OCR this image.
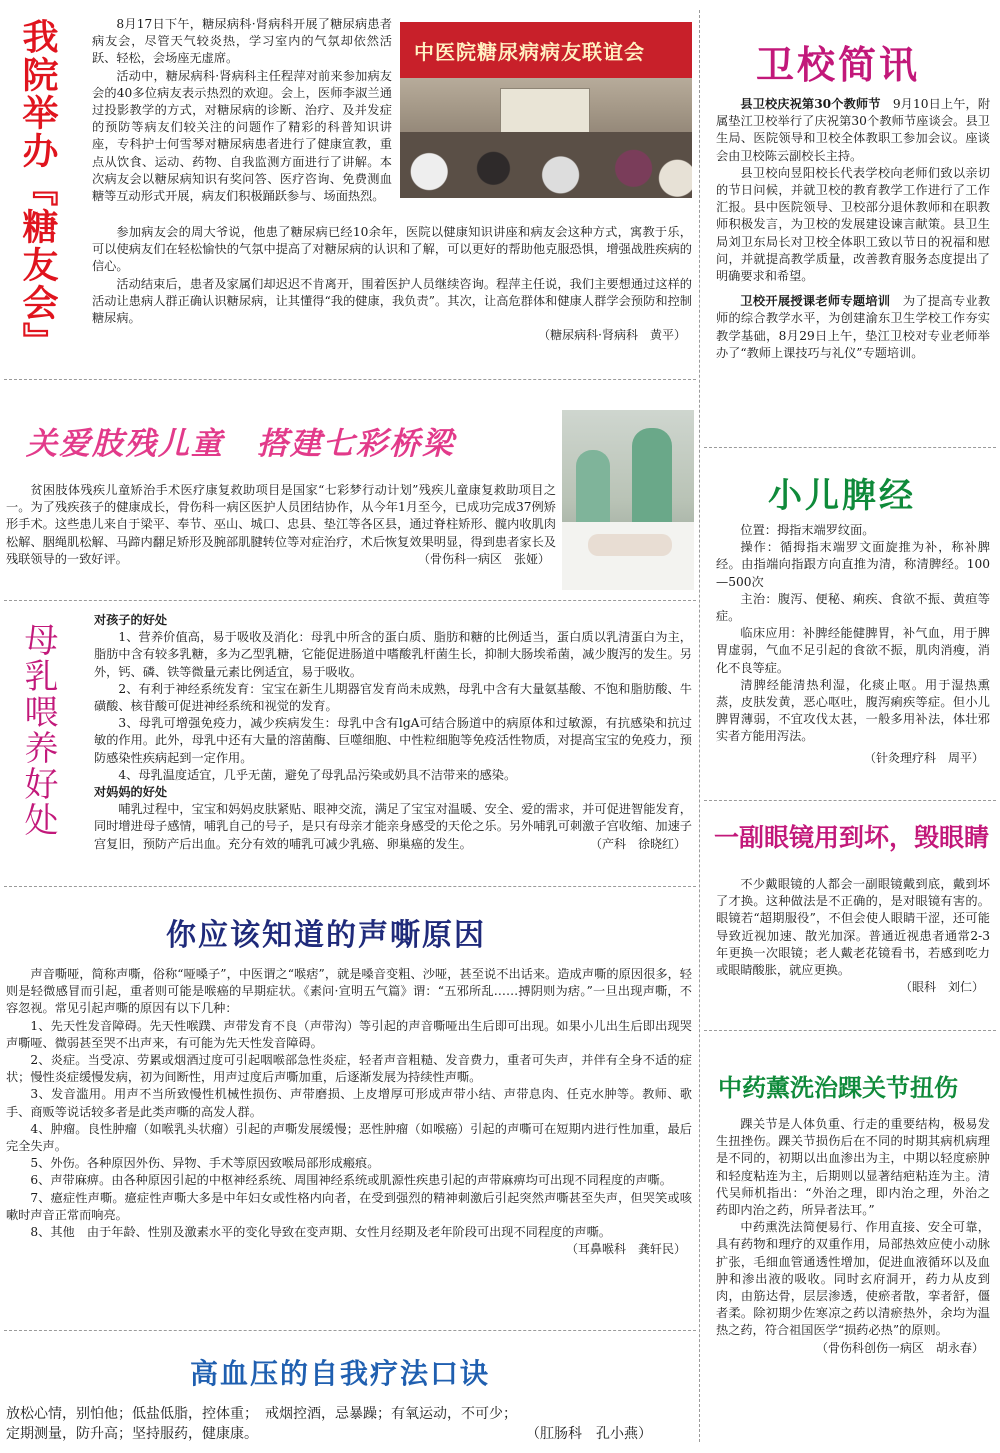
我院举办『糖友会』	中医院糖尿病病友联谊会

8月17日下午，糖尿病科·肾病科开展了糖尿病患者病友会，尽管天气较炎热，学习室内的气氛却依然活跃、轻松，会场座无虚席。

活动中，糖尿病科·肾病科主任程萍对前来参加病友会的40多位病友表示热烈的欢迎。会上，医师李淑兰通过投影教学的方式，对糖尿病的诊断、治疗、及并发症的预防等病友们较关注的问题作了精彩的科普知识讲座，专科护士何雪琴对糖尿病患者进行了健康宣教，重点从饮食、运动、药物、自我监测方面进行了讲解。本次病友会以糖尿病知识有奖问答、医疗咨询、免费测血糖等互动形式开展，病友们积极踊跃参与、场面热烈。

参加病友会的周大爷说，他患了糖尿病已经10余年，医院以健康知识讲座和病友会这种方式，寓教于乐，可以使病友们在轻松愉快的气氛中提高了对糖尿病的认识和了解，可以更好的帮助他克服恐惧，增强战胜疾病的信心。

活动结束后，患者及家属们却迟迟不肯离开，围着医护人员继续咨询。程萍主任说，我们主要想通过这样的活动让患病人群正确认识糖尿病，让其懂得“我的健康，我负责”。其次，让高危群体和健康人群学会预防和控制糖尿病。

（糖尿病科·肾病科　黄平）

卫校简讯

县卫校庆祝第30个教师节　 9月10日上午，附属垫江卫校举行了庆祝第30个教师节座谈会。县卫生局、医院领导和卫校全体教职工参加会议。座谈会由卫校陈云副校长主持。

县卫校向昱阳校长代表学校向老师们致以亲切的节日问候，并就卫校的教育教学工作进行了工作汇报。县中医院领导、卫校部分退休教师和在职教师积极发言，为卫校的发展建设谏言献策。县卫生局刘卫东局长对卫校全体职工致以节日的祝福和慰问，并就提高教学质量，改善教育服务态度提出了明确要求和希望。

卫校开展授课老师专题培训　 为了提高专业教师的综合教学水平，为创建渝东卫生学校工作夯实教学基础，8月29日上午，垫江卫校对专业老师举办了“教师上课技巧与礼仪”专题培训。

关爱肢残儿童　搭建七彩桥梁

贫困肢体残疾儿童矫治手术医疗康复救助项目是国家“七彩梦行动计划”残疾儿童康复救助项目之一。为了残疾孩子的健康成长，骨伤科一病区医护人员团结协作，从今年1月至今，已成功完成37例矫形手术。这些患儿来自于梁平、奉节、巫山、城口、忠县、垫江等各区县，通过脊柱矫形、髋内收肌肉松解、胭绳肌松解、马蹄内翻足矫形及腕部肌腱转位等对症治疗，术后恢复效果明显，得到患者家长及残联领导的一致好评。	（骨伤科一病区　张娅）

小儿脾经

位置：拇指末端罗纹面。

操作：循拇指末端罗文面旋推为补，称补脾经。由指端向指跟方向直推为清，称清脾经。100—500次

主治：腹泻、便秘、痢疾、食欲不振、黄疸等症。

临床应用：补脾经能健脾胃，补气血，用于脾胃虚弱，气血不足引起的食欲不振，肌肉消瘦，消化不良等症。

清脾经能清热利湿，化痰止呕。用于湿热熏蒸，皮肤发黄，恶心呕吐，腹泻痢疾等症。但小儿脾胃薄弱，不宜攻伐太甚，一般多用补法，体壮邪实者方能用泻法。

（针灸理疗科　周平）

母乳喂养好处

对孩子的好处

1、营养价值高，易于吸收及消化：母乳中所含的蛋白质、脂肪和糖的比例适当，蛋白质以乳清蛋白为主，脂肪中含有较多乳糖，多为乙型乳糖，它能促进肠道中嗜酸乳杆菌生长，抑制大肠埃希菌，减少腹泻的发生。另外，钙、磷、铁等微量元素比例适宜，易于吸收。

2、有利于神经系统发育：宝宝在新生儿期器官发育尚未成熟，母乳中含有大量氨基酸、不饱和脂肪酸、牛磺酸、核苷酸可促进神经系统和视觉的发育。

3、母乳可增强免疫力，减少疾病发生：母乳中含有lgA可结合肠道中的病原体和过敏源，有抗感染和抗过敏的作用。此外，母乳中还有大量的溶菌酶、巨噬细胞、中性粒细胞等免疫活性物质，对提高宝宝的免疫力，预防感染性疾病起到一定作用。

4、母乳温度适宜，几乎无菌，避免了母乳品污染或奶具不洁带来的感染。

对妈妈的好处

哺乳过程中，宝宝和妈妈皮肤紧贴、眼神交流，满足了宝宝对温暖、安全、爱的需求，并可促进智能发育，同时增进母子感情，哺乳自己的号子，是只有母亲才能亲身感受的天伦之乐。另外哺乳可刺激子宫收缩、加速子宫复旧，预防产后出血。充分有效的哺乳可减少乳癌、卵巢癌的发生。	（产科　徐晓红） 一副眼镜用到坏，毁眼睛

不少戴眼镜的人都会一副眼镜戴到底，戴到坏了才换。这种做法是不正确的，是对眼镜有害的。眼镜若“超期服役”，不但会使人眼睛干涩，还可能导致近视加速、散光加深。普通近视患者通常2-3年更换一次眼镜；老人戴老花镜看书，若感到吃力或眼睛酸胀，就应更换。

（眼科　刘仁）

你应该知道的声嘶原因

声音嘶哑，简称声嘶，俗称“哑嗓子”，中医谓之“喉痞”，就是嗓音变粗、沙哑，甚至说不出话来。造成声嘶的原因很多，轻则是轻微感冒而引起，重者则可能是喉癌的早期症状。《素问·宣明五气篇》谓：“五邪所乱……搏阴则为痞。”一旦出现声嘶，不容忽视。常见引起声嘶的原因有以下几种：

1、先天性发音障碍。先天性喉蹼、声带发育不良（声带沟）等引起的声音嘶哑出生后即可出现。如果小儿出生后即出现哭声嘶哑、微弱甚至哭不出声来，有可能为先天性发音障碍。

2、炎症。当受凉、劳累或烟酒过度可引起咽喉部急性炎症，轻者声音粗糙、发音费力，重者可失声，并伴有全身不适的症状；慢性炎症缓慢发病，初为间断性，用声过度后声嘶加重，后逐渐发展为持续性声嘶。

3、发音滥用。用声不当所致慢性机械性损伤、声带磨损、上皮增厚可形成声带小结、声带息肉、任克水肿等。教师、歌手、商贩等说话较多者是此类声嘶的高发人群。

4、肿瘤。良性肿瘤（如喉乳头状瘤）引起的声嘶发展缓慢；恶性肿瘤（如喉癌）引起的声嘶可在短期内进行性加重，最后完全失声。

5、外伤。各种原因外伤、异物、手术等原因致喉局部形成瘢痕。

6、声带麻痹。由各种原因引起的中枢神经系统、周围神经系统或肌源性疾患引起的声带麻痹均可出现不同程度的声嘶。

7、癔症性声嘶。癔症性声嘶大多是中年妇女或性格内向者，在受到强烈的精神刺激后引起突然声嘶甚至失声，但哭笑或咳嗽时声音正常而响亮。

8、其他　由于年龄、性别及激素水平的变化导致在变声期、女性月经期及老年阶段可出现不同程度的声嘶。

（耳鼻喉科　龚轩民）

中药薰洗治踝关节扭伤

踝关节是人体负重、行走的重要结构，极易发生扭挫伤。踝关节损伤后在不同的时期其病机病理是不同的，初期以出血渗出为主，中期以轻度瘀肿和轻度粘连为主，后期则以显著结疤粘连为主。清代吴师机指出：“外治之理，即内治之理，外治之药即内治之药，所异者法耳。”

中药熏洗法简便易行、作用直接、安全可靠，具有药物和理疗的双重作用，局部热效应使小动脉扩张，毛细血管通透性增加，促进血液循环以及血肿和渗出液的吸收。同时玄府洞开，药力从皮到肉，由筋达骨，层层渗透，使瘀者散，挛者舒，僵者柔。除初期少佐寒凉之药以清瘀热外，余均为温热之药，符合祖国医学“损药必热”的原则。

（骨伤科创伤一病区　胡永春）

高血压的自我疗法口诀

放松心情，别怕他；低盐低脂，控体重；　戒烟控酒，忌暴躁；有氧运动，不可少；

定期测量，防升高；坚持服药，健康康。	（肛肠科　孔小燕）
